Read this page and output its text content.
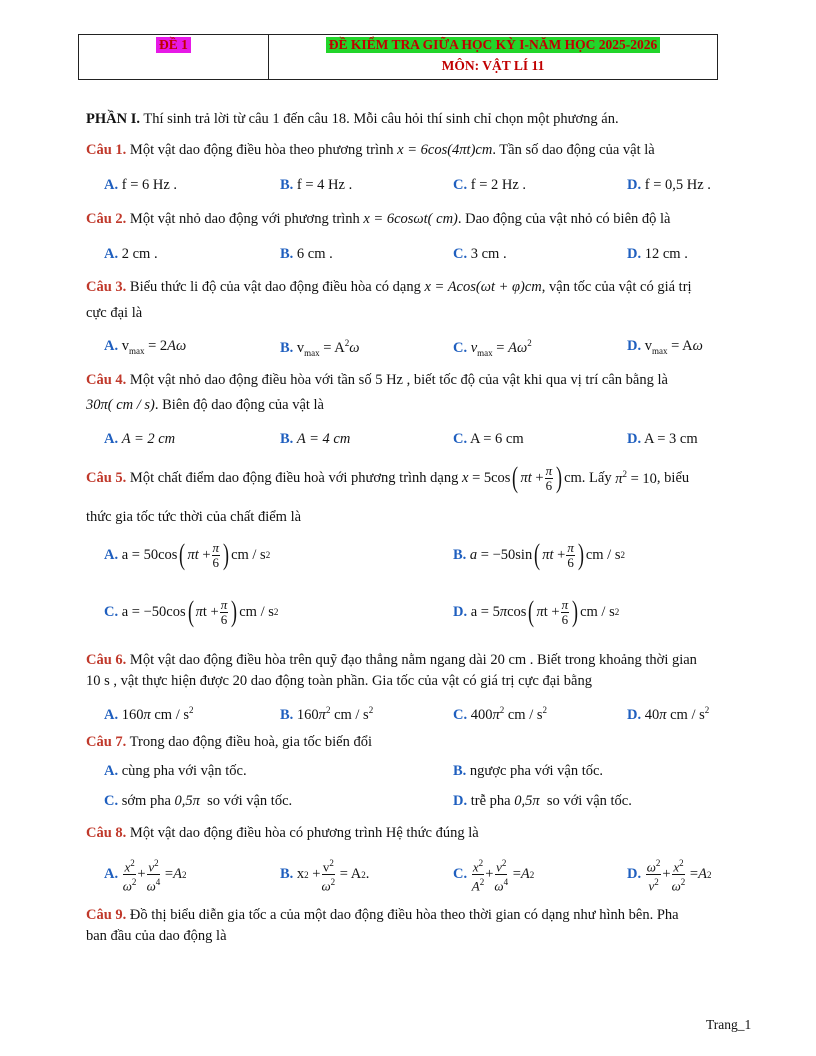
ĐỀ 1	ĐỀ KIỂM TRA GIỮA HỌC KỲ I-NĂM HỌC 2025-2026
MÔN: VẬT LÍ 11
PHẦN I. Thí sinh trả lời từ câu 1 đến câu 18. Mỗi câu hỏi thí sinh chỉ chọn một phương án.
Câu 1. Một vật dao động điều hòa theo phương trình x = 6cos(4πt)cm. Tần số dao động của vật là
A. f = 6 Hz .	B. f = 4 Hz .	C. f = 2 Hz .	D. f = 0,5 Hz .
Câu 2. Một vật nhỏ dao động với phương trình x = 6cosωt( cm). Dao động của vật nhỏ có biên độ là
A. 2 cm .	B. 6 cm .	C. 3 cm .	D. 12 cm .
Câu 3. Biểu thức li độ của vật dao động điều hòa có dạng x = Acos(ωt + φ)cm, vận tốc của vật có giá trị
cực đại là
A. $v_{max} = 2A\omega$	B. $v_{max} = A^2\omega$	C. $v_{max} = A\omega^2$	D. $v_{max} = A\omega$
Câu 4. Một vật nhỏ dao động điều hòa với tần số 5 Hz , biết tốc độ của vật khi qua vị trí cân bằng là
30π( cm / s). Biên độ dao động của vật là
A. A = 2 cm	B. A = 4 cm	C. A = 6 cm	D. A = 3 cm
Câu 5. Một chất điểm dao động điều hoà với phương trình dạng x = 5cos ( $\pi t + \frac{\pi}{6}$ ) cm . Lấy $\pi^2 = 10$ , biểu
thức gia tốc tức thời của chất điểm là
A.
a = 50cos ( $\pi t + \frac{\pi}{6}$ ) cm / s 2	B.
a = −50sin ( $\pi t + \frac{\pi}{6}$ ) cm / s 2
C.
a = −50cos ( π $t + \frac{\pi}{6}$ ) cm / s 2	D.
a = 5 π cos ( π $t + \frac{\pi}{6}$ ) cm / s 2
Câu 6. Một vật dao động điều hòa trên quỹ đạo thẳng nằm ngang dài 20 cm . Biết trong khoảng thời gian
10 s , vật thực hiện được 20 dao động toàn phần. Gia tốc của vật có giá trị cực đại bằng
A. 160π cm / $s^2$	B. $160\pi^2$ cm / $s^2$	C. $400\pi^2$ cm / $s^2$	D. 40π cm / $s^2$
Câu 7. Trong dao động điều hoà, gia tốc biến đổi
A. cùng pha với vận tốc.	B. ngược pha với vận tốc.
C. sớm pha 0,5π  so với vận tốc.	D. trễ pha 0,5π  so với vận tốc.
Câu 8. Một vật dao động điều hòa có phương trình Hệ thức đúng là
A.
$\frac{x^2}{\omega^2} + \frac{v^2}{\omega^4} = A$ 2	B.
x $2 + \frac{v^2}{\omega^2} = A$ 2 .	C.
$\frac{x^2}{A^2} + \frac{v^2}{\omega^4} = A$ 2	D.
$\frac{\omega^2}{v^2} + \frac{x^2}{\omega^2} = A$ 2
Câu 9. Đồ thị biểu diễn gia tốc a của một dao động điều hòa theo thời gian có dạng như hình bên. Pha
ban đầu của dao động là
Trang_1
